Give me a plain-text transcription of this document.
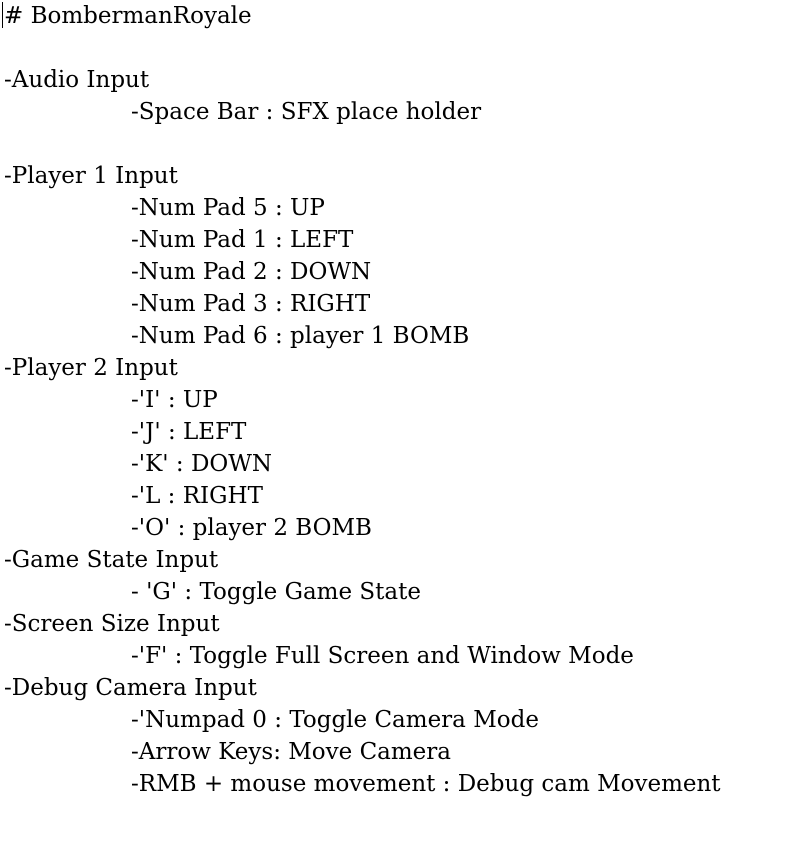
# BombermanRoyale
-Audio Input
-Space Bar : SFX place holder
-Player 1 Input
-Num Pad 5 : UP
-Num Pad 1 : LEFT
-Num Pad 2 : DOWN
-Num Pad 3 : RIGHT
-Num Pad 6 : player 1 BOMB
-Player 2 Input
-'I' : UP
-'J' : LEFT
-'K' : DOWN
-'L : RIGHT
-'O' : player 2 BOMB
-Game State Input
- 'G' : Toggle Game State
-Screen Size Input
-'F' : Toggle Full Screen and Window Mode
-Debug Camera Input
-'Numpad 0 : Toggle Camera Mode
-Arrow Keys: Move Camera
-RMB + mouse movement : Debug cam Movement
